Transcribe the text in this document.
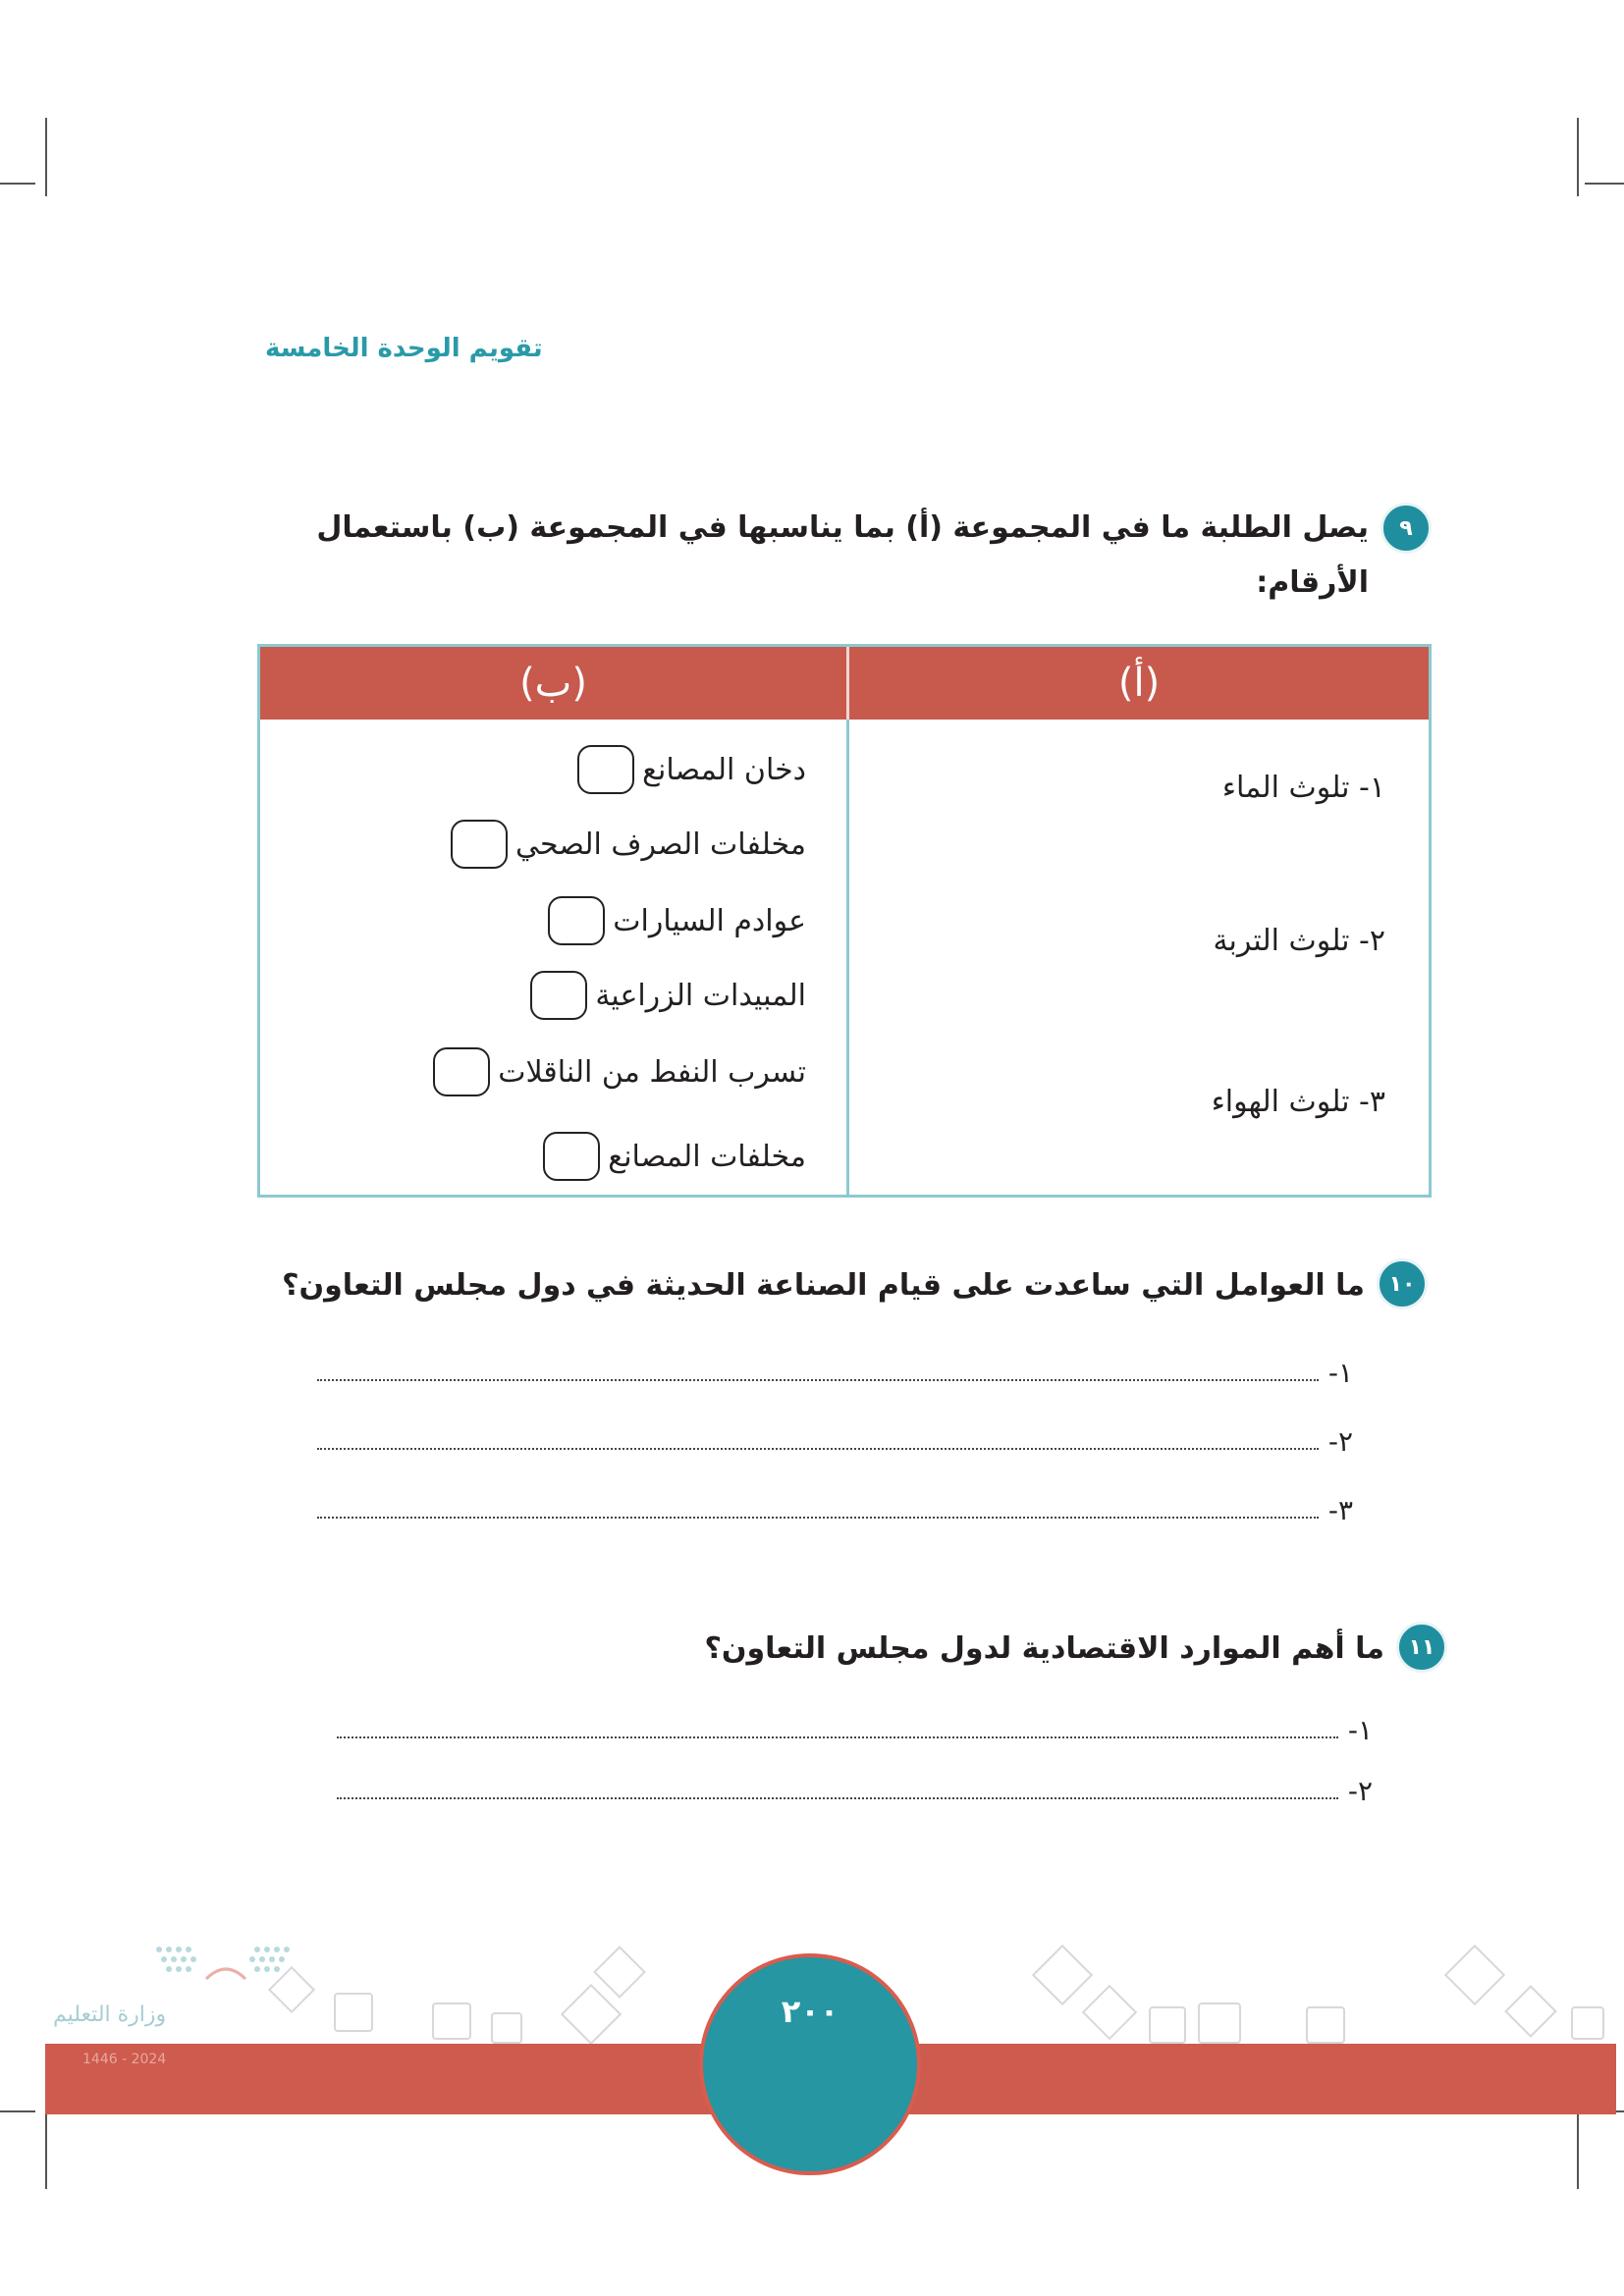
تقويم الوحدة الخامسة
٩
يصل الطلبة ما في المجموعة (أ) بما يناسبها في المجموعة (ب) باستعمال
الأرقام:
(ب)	(أ)
١- تلوث الماء
٢- تلوث التربة
٣- تلوث الهواء
دخان المصانع
مخلفات الصرف الصحي
عوادم السيارات
المبيدات الزراعية
تسرب النفط من الناقلات
مخلفات المصانع
١٠
ما العوامل التي ساعدت على قيام الصناعة الحديثة في دول مجلس التعاون؟
١-
٢-
٣-
١١
ما أهم الموارد الاقتصادية لدول مجلس التعاون؟
١-
٢-
٢٠٠
وزارة التعليم
2024 - 1446
